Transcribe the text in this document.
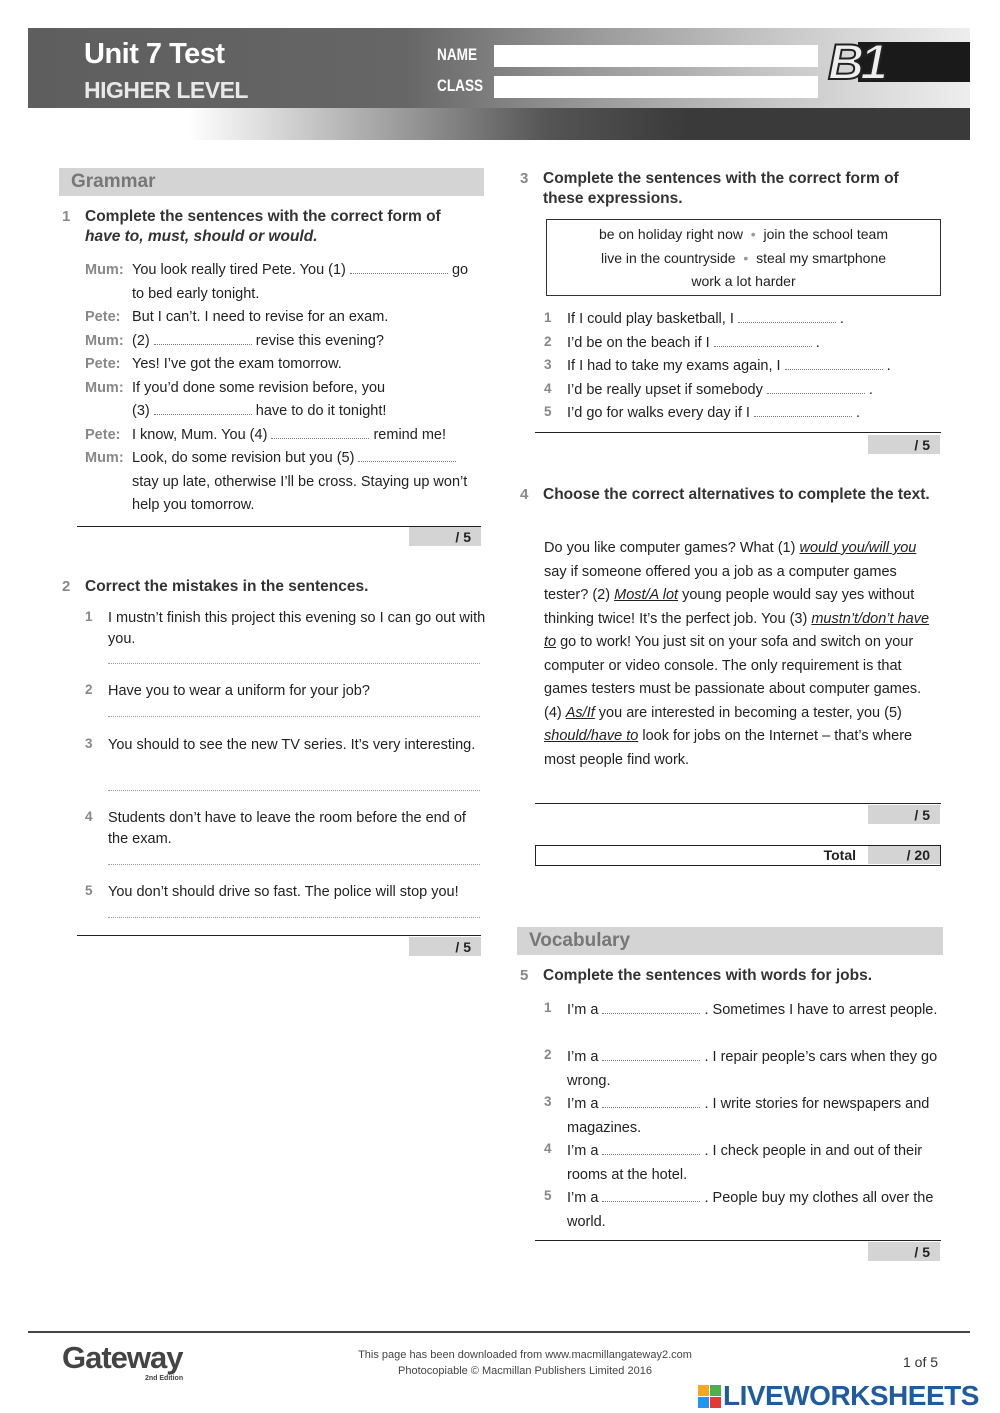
Unit 7 Test
HIGHER LEVEL
NAME
CLASS	B1
Grammar
1 Complete the sentences with the correct form of
have to, must, should or would.
Mum: You look really tired Pete. You (1)	go
to bed early tonight.
Pete: But I can’t. I need to revise for an exam.
Mum: (2)	revise this evening?
Pete: Yes! I’ve got the exam tomorrow.
Mum: If you’d done some revision before, you
(3)	have to do it tonight!
Pete: I know, Mum. You (4)	remind me!
Mum: Look, do some revision but you (5)
stay up late, otherwise I’ll be cross. Staying up won’t
help you tomorrow.
/ 5
2 Correct the mistakes in the sentences.
1 I mustn’t finish this project this evening so I can go out with you.
2 Have you to wear a uniform for your job?
3 You should to see the new TV series. It’s very interesting.
4 Students don’t have to leave the room before the end of the exam.
5 You don’t should drive so fast. The police will stop you!
/ 5
3 Complete the sentences with the correct form of these expressions.
be on holiday right now  •  join the school team
live in the countryside  •  steal my smartphone
work a lot harder
1 If I could play basketball, I	.
2 I’d be on the beach if I	.
3 If I had to take my exams again, I	.
4 I’d be really upset if somebody	.
5 I’d go for walks every day if I	.
/ 5
4 Choose the correct alternatives to complete the text.
Do you like computer games? What (1) would you/will you say if someone offered you a job as a computer games tester? (2) Most/A lot young people would say yes without thinking twice! It’s the perfect job. You (3) mustn’t/don’t have to go to work! You just sit on your sofa and switch on your computer or video console. The only requirement is that games testers must be passionate about computer games. (4) As/If you are interested in becoming a tester, you (5) should/have to look for jobs on the Internet – that’s where most people find work.
/ 5
Total	/ 20
Vocabulary
5 Complete the sentences with words for jobs.
1 I’m a	. Sometimes I have to arrest people.
2 I’m a	. I repair people’s cars when they go wrong.
3 I’m a	. I write stories for newspapers and magazines.
4 I’m a	. I check people in and out of their rooms at the hotel.
5 I’m a	. People buy my clothes all over the world.
/ 5
Gateway
2nd Edition
This page has been downloaded from www.macmillangateway2.com
Photocopiable © Macmillan Publishers Limited 2016
1 of 5
LIVEWORKSHEETS
